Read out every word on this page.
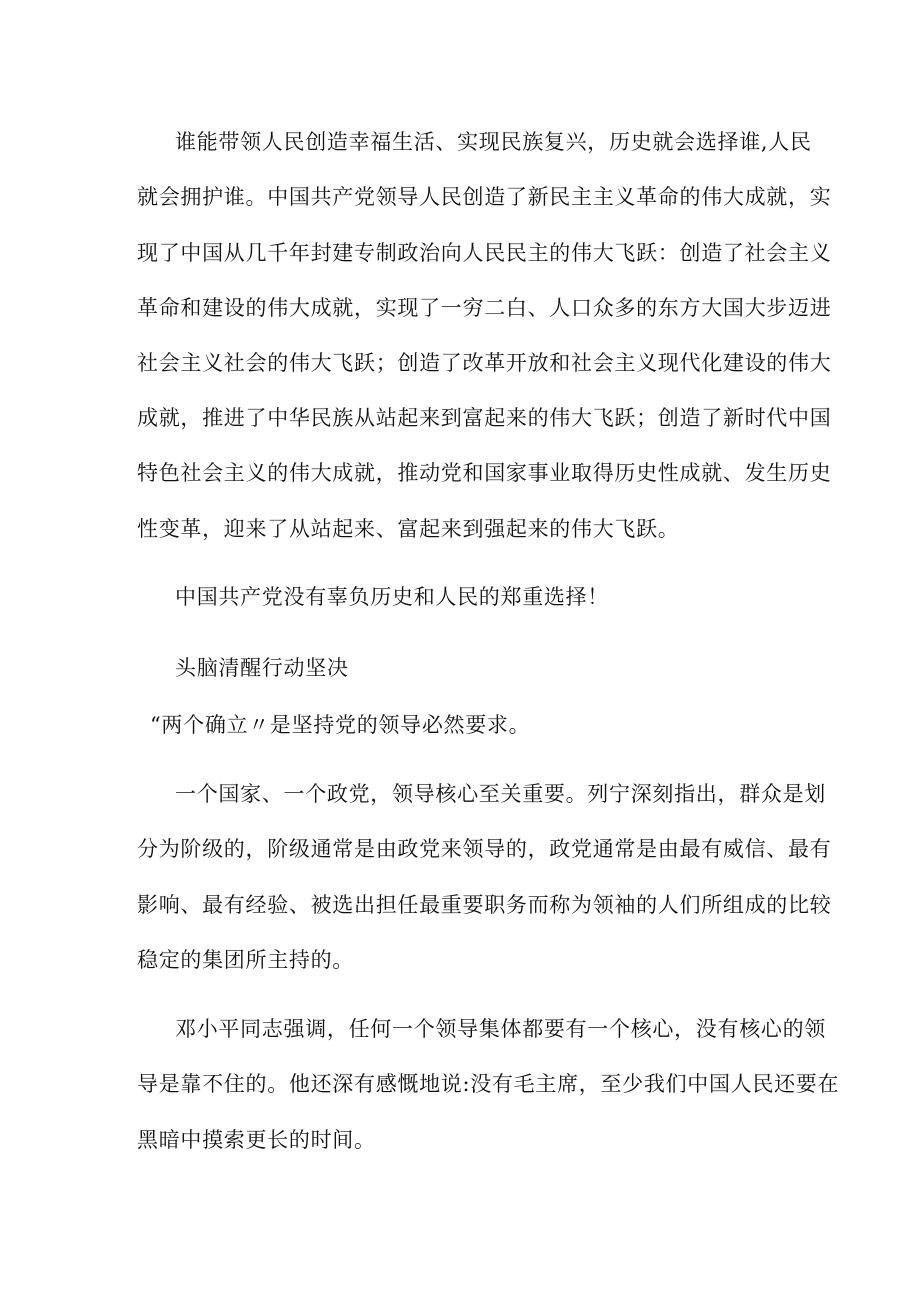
谁能带领人民创造幸福生活、实现民族复兴，历史就会选择谁,人民
就会拥护谁。中国共产党领导人民创造了新民主主义革命的伟大成就，实
现了中国从几千年封建专制政治向人民民主的伟大飞跃：创造了社会主义
革命和建设的伟大成就，实现了一穷二白、人口众多的东方大国大步迈进
社会主义社会的伟大飞跃；创造了改革开放和社会主义现代化建设的伟大
成就，推进了中华民族从站起来到富起来的伟大飞跃；创造了新时代中国
特色社会主义的伟大成就，推动党和国家事业取得历史性成就、发生历史
性变革，迎来了从站起来、富起来到强起来的伟大飞跃。
中国共产党没有辜负历史和人民的郑重选择！
头脑清醒行动坚决
“两个确立〃是坚持党的领导必然要求。
一个国家、一个政党，领导核心至关重要。列宁深刻指出，群众是划
分为阶级的，阶级通常是由政党来领导的，政党通常是由最有威信、最有
影响、最有经验、被选出担任最重要职务而称为领袖的人们所组成的比较
稳定的集团所主持的。
邓小平同志强调，任何一个领导集体都要有一个核心，没有核心的领
导是靠不住的。他还深有感慨地说:没有毛主席，至少我们中国人民还要在
黑暗中摸索更长的时间。
